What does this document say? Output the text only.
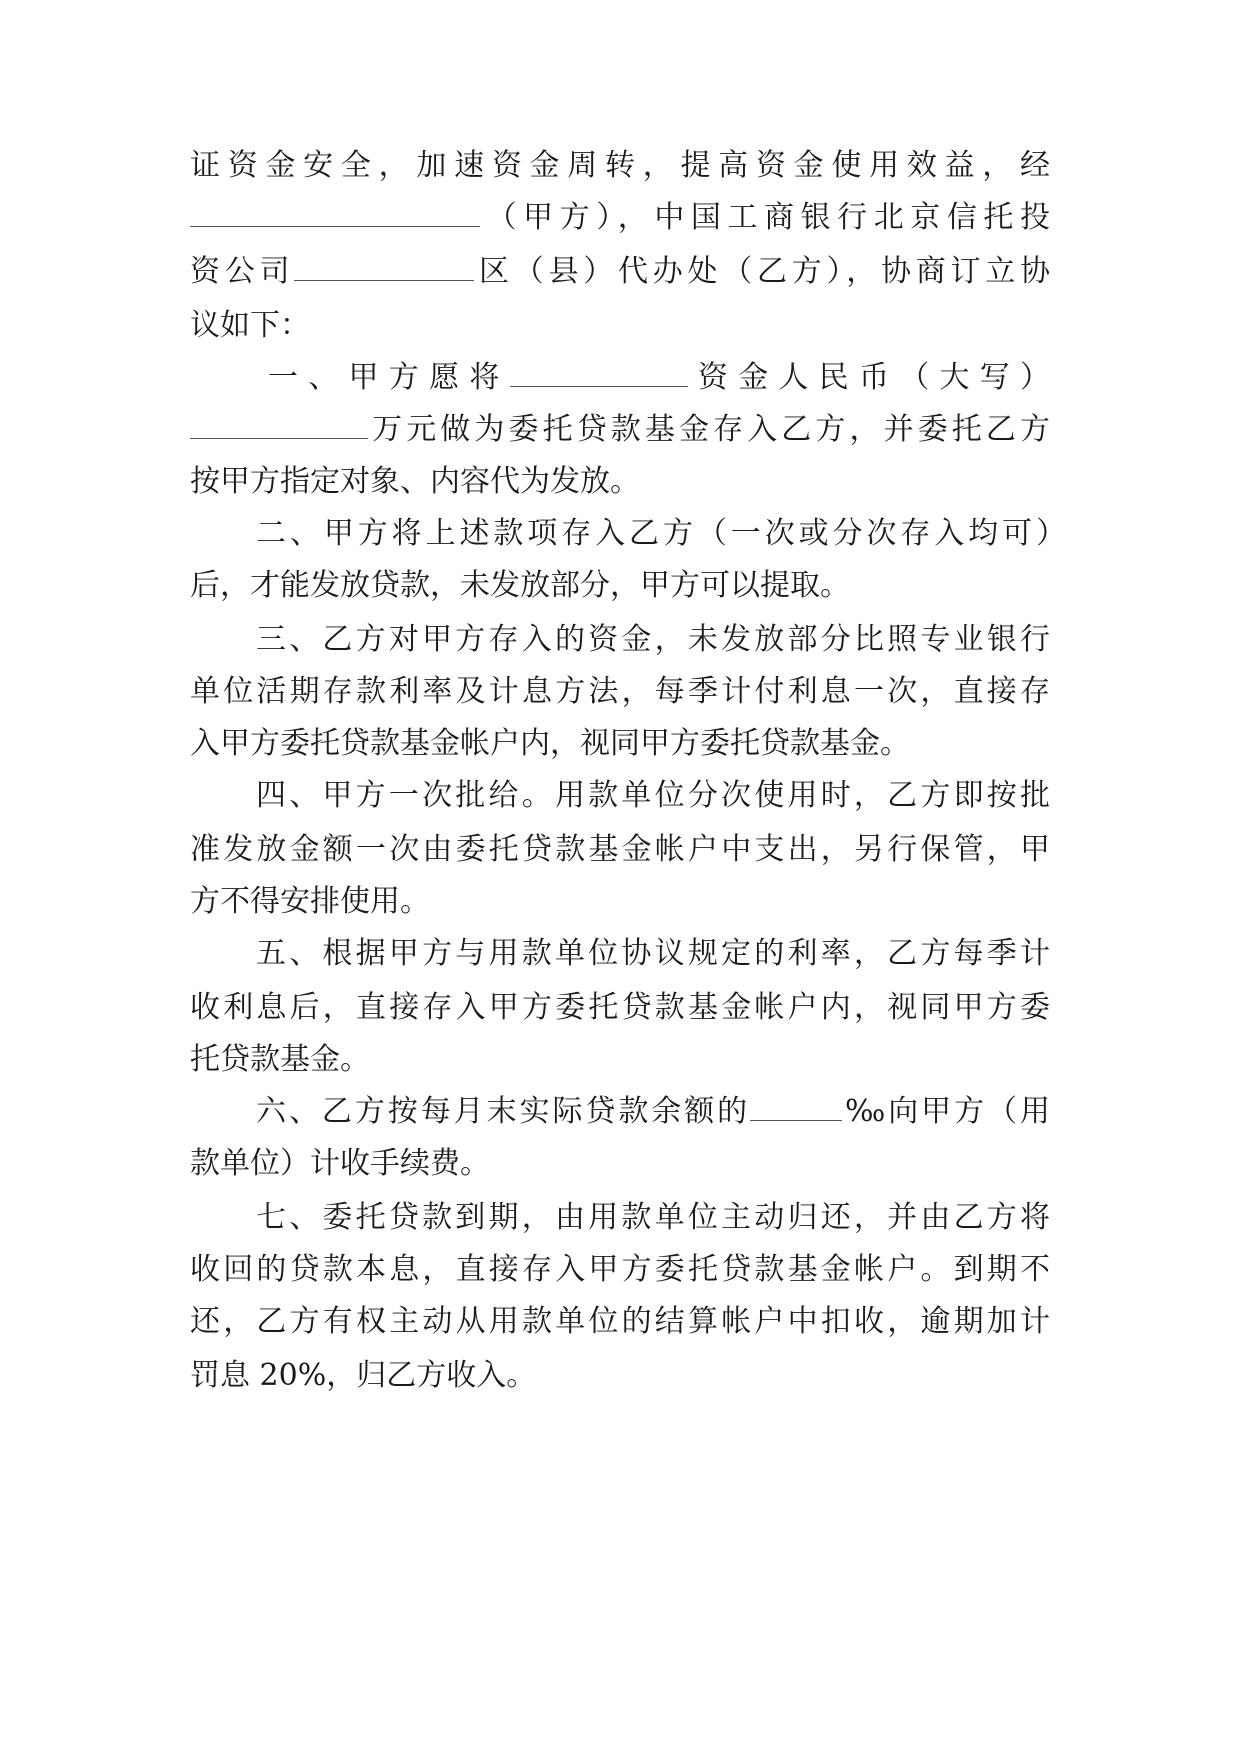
证资金安全，加速资金周转，提高资金使用效益，经
（甲方），中国工商银行北京信托投
资公司	区（县）代办处（乙方），协商订立协
议如下：
一、甲方愿将	资金人民币（大写）
万元做为委托贷款基金存入乙方，并委托乙方
按甲方指定对象、内容代为发放。
二、甲方将上述款项存入乙方（一次或分次存入均可）
后，才能发放贷款，未发放部分，甲方可以提取。
三、乙方对甲方存入的资金，未发放部分比照专业银行
单位活期存款利率及计息方法，每季计付利息一次，直接存
入甲方委托贷款基金帐户内，视同甲方委托贷款基金。
四、甲方一次批给。用款单位分次使用时，乙方即按批
准发放金额一次由委托贷款基金帐户中支出，另行保管，甲
方不得安排使用。
五、根据甲方与用款单位协议规定的利率，乙方每季计
收利息后，直接存入甲方委托贷款基金帐户内，视同甲方委
托贷款基金。
六、乙方按每月末实际贷款余额的	‰向甲方（用
款单位）计收手续费。
七、委托贷款到期，由用款单位主动归还，并由乙方将
收回的贷款本息，直接存入甲方委托贷款基金帐户。到期不
还，乙方有权主动从用款单位的结算帐户中扣收，逾期加计
罚息 20%，归乙方收入。
